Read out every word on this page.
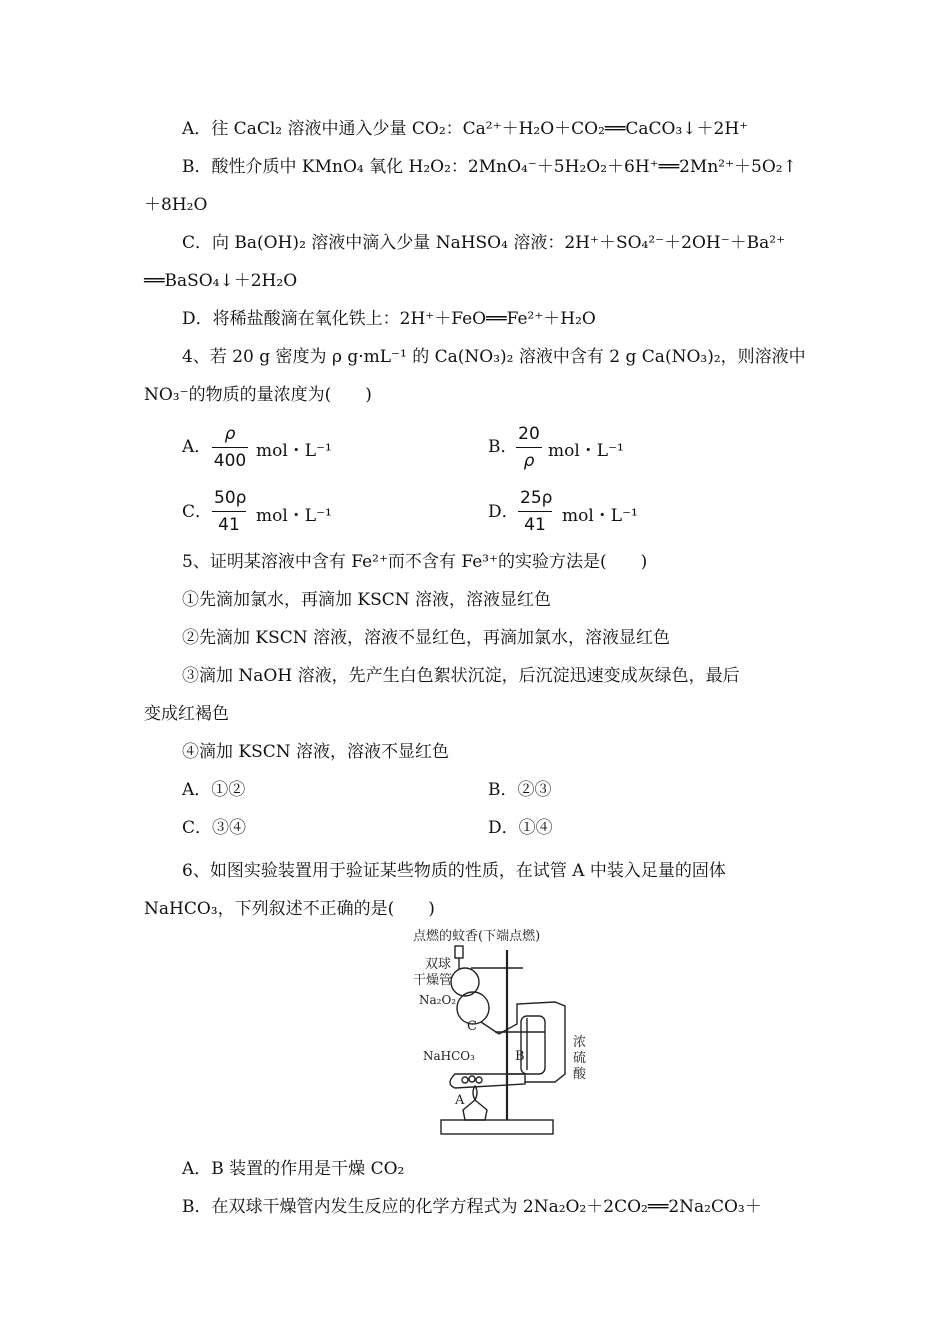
A．往 CaCl₂ 溶液中通入少量 CO₂：Ca²⁺＋H₂O＋CO₂══CaCO₃↓＋2H⁺
B．酸性介质中 KMnO₄ 氧化 H₂O₂：2MnO₄⁻＋5H₂O₂＋6H⁺══2Mn²⁺＋5O₂↑
＋8H₂O
C．向 Ba(OH)₂ 溶液中滴入少量 NaHSO₄ 溶液：2H⁺＋SO₄²⁻＋2OH⁻＋Ba²⁺
══BaSO₄↓＋2H₂O
D．将稀盐酸滴在氧化铁上：2H⁺＋FeO══Fe²⁺＋H₂O
4、若 20 g 密度为 ρ g·mL⁻¹ 的 Ca(NO₃)₂ 溶液中含有 2 g Ca(NO₃)₂，则溶液中
NO₃⁻的物质的量浓度为(　　)
A．
ρ
400 mol・L⁻¹	B．
20
ρ mol・L⁻¹
C．
50ρ
41 mol・L⁻¹	D．
25ρ
41 mol・L⁻¹
5、证明某溶液中含有 Fe²⁺而不含有 Fe³⁺的实验方法是(　　)
①先滴加氯水，再滴加 KSCN 溶液，溶液显红色
②先滴加 KSCN 溶液，溶液不显红色，再滴加氯水，溶液显红色
③滴加 NaOH 溶液，先产生白色絮状沉淀，后沉淀迅速变成灰绿色，最后
变成红褐色
④滴加 KSCN 溶液，溶液不显红色
A．①②	B．②③
C．③④	D．①④
6、如图实验装置用于验证某些物质的性质，在试管 A 中装入足量的固体
NaHCO₃，下列叙述不正确的是(　　)
点燃的蚊香(下端点燃)
双球
干燥管
Na₂O₂
C
B
浓
硫
酸
NaHCO₃
A
A．B 装置的作用是干燥 CO₂
B．在双球干燥管内发生反应的化学方程式为 2Na₂O₂＋2CO₂══2Na₂CO₃＋
